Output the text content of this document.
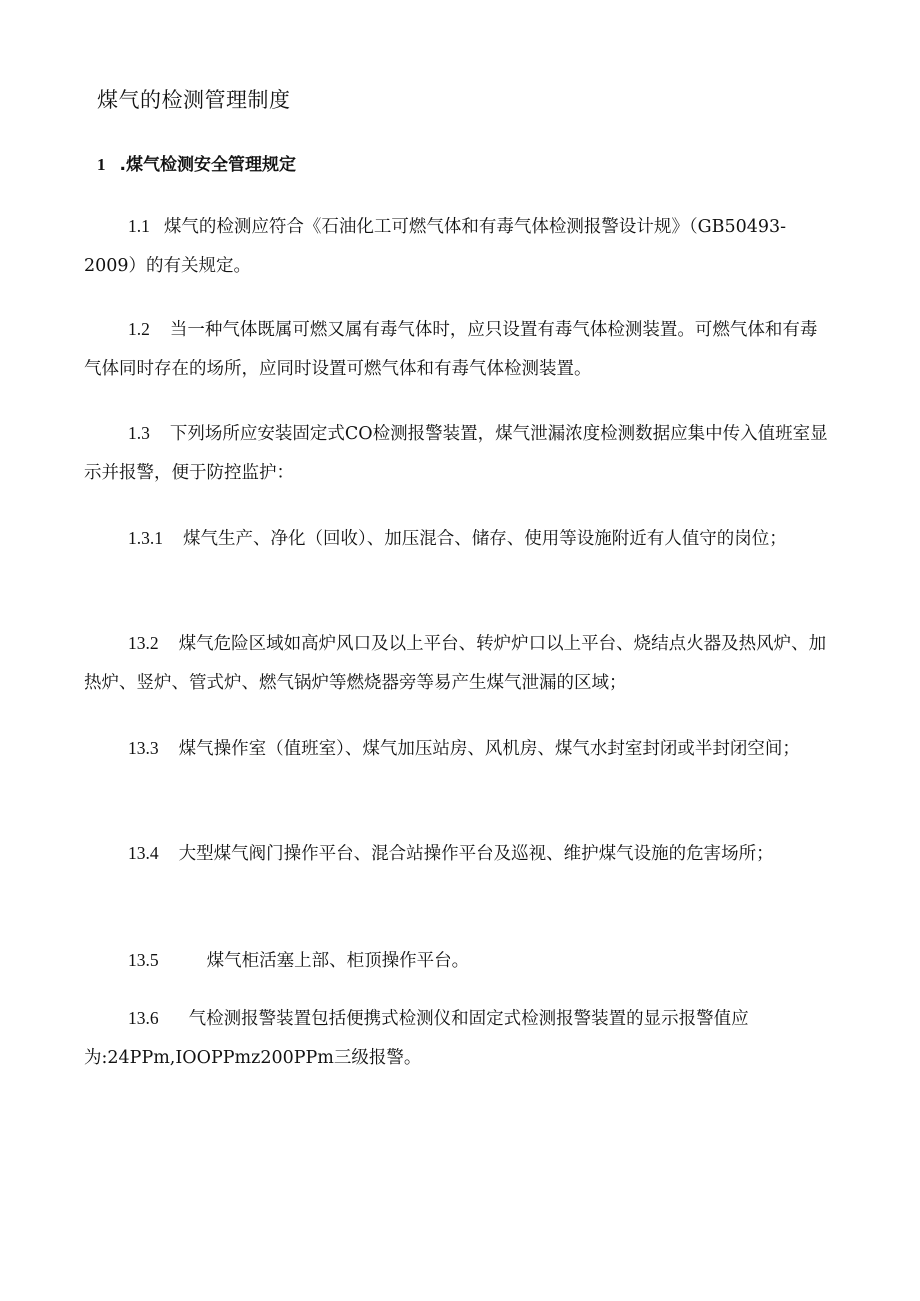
煤气的检测管理制度
1 .煤气检测安全管理规定

1.1 煤气的检测应符合《石油化工可燃气体和有毒气体检测报警设计规》（GB50493-2009）的有关规定。

1.2 当一种气体既属可燃又属有毒气体时，应只设置有毒气体检测装置。可燃气体和有毒气体同时存在的场所，应同时设置可燃气体和有毒气体检测装置。

1.3 下列场所应安装固定式CO检测报警装置，煤气泄漏浓度检测数据应集中传入值班室显示并报警，便于防控监护：

1.3.1 煤气生产、净化（回收）、加压混合、储存、使用等设施附近有人值守的岗位；

13.2 煤气危险区域如高炉风口及以上平台、转炉炉口以上平台、烧结点火器及热风炉、加热炉、竖炉、管式炉、燃气锅炉等燃烧器旁等易产生煤气泄漏的区域；

13.3 煤气操作室（值班室）、煤气加压站房、风机房、煤气水封室封闭或半封闭空间；

13.4 大型煤气阀门操作平台、混合站操作平台及巡视、维护煤气设施的危害场所；

13.5	煤气柜活塞上部、柜顶操作平台。

13.6 气检测报警装置包括便携式检测仪和固定式检测报警装置的显示报警值应为:24PPm,IOOPPmz200PPm三级报警。
